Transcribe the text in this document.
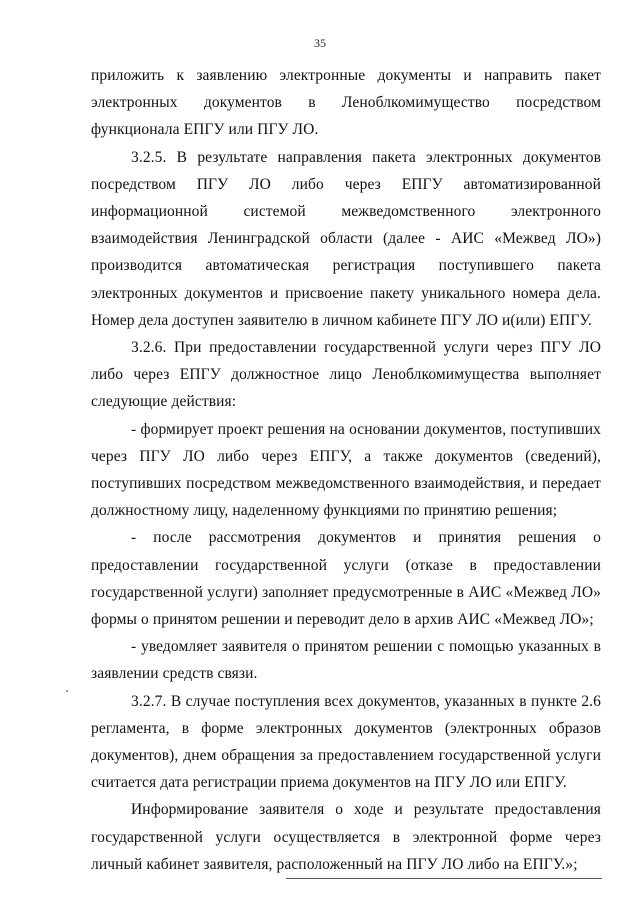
35

приложить к заявлению электронные документы и направить пакет электронных документов в Леноблкомимущество посредством функционала ЕПГУ или ПГУ ЛО.

3.2.5. В результате направления пакета электронных документов посредством ПГУ ЛО либо через ЕПГУ автоматизированной информационной системой межведомственного электронного взаимодействия Ленинградской области (далее - АИС «Межвед ЛО») производится автоматическая регистрация поступившего пакета электронных документов и присвоение пакету уникального номера дела. Номер дела доступен заявителю в личном кабинете ПГУ ЛО и(или) ЕПГУ.

3.2.6. При предоставлении государственной услуги через ПГУ ЛО либо через ЕПГУ должностное лицо Леноблкомимущества выполняет следующие действия:

- формирует проект решения на основании документов, поступивших через ПГУ ЛО либо через ЕПГУ, а также документов (сведений), поступивших посредством межведомственного взаимодействия, и передает должностному лицу, наделенному функциями по принятию решения;

- после рассмотрения документов и принятия решения о предоставлении государственной услуги (отказе в предоставлении государственной услуги) заполняет предусмотренные в АИС «Межвед ЛО» формы о принятом решении и переводит дело в архив АИС «Межвед ЛО»;

- уведомляет заявителя о принятом решении с помощью указанных в заявлении средств связи.

3.2.7. В случае поступления всех документов, указанных в пункте 2.6 регламента, в форме электронных документов (электронных образов документов), днем обращения за предоставлением государственной услуги считается дата регистрации приема документов на ПГУ ЛО или ЕПГУ.

Информирование заявителя о ходе и результате предоставления государственной услуги осуществляется в электронной форме через личный кабинет заявителя, расположенный на ПГУ ЛО либо на ЕПГУ.»;
